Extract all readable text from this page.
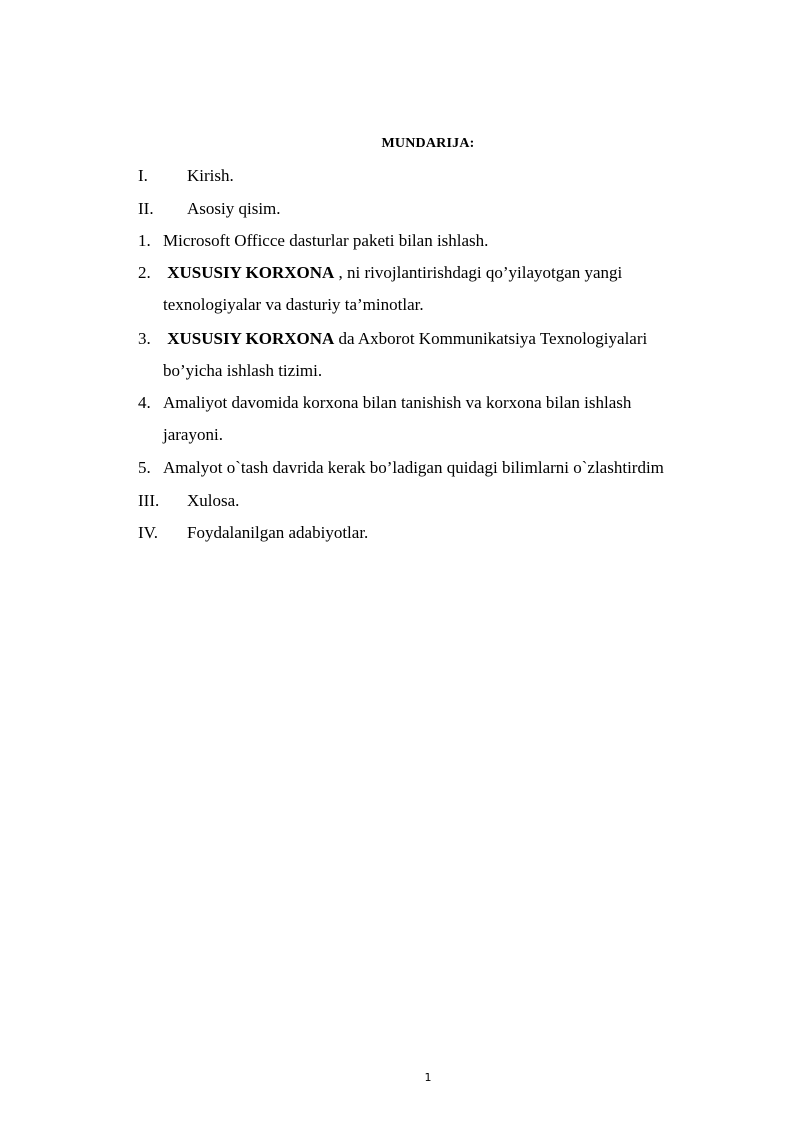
MUNDARIJA:
I. Kirish.
II. Asosiy qisim.
1. Microsoft Officce dasturlar paketi bilan ishlash.
2. XUSUSIY KORXONA , ni rivojlantirishdagi qo’yilayotgan yangi
texnologiyalar va dasturiy ta’minotlar.
3. XUSUSIY KORXONA da Axborot Kommunikatsiya Texnologiyalari
bo’yicha ishlash tizimi.
4. Amaliyot davomida korxona bilan tanishish va korxona bilan ishlash
jarayoni.
5. Amalyot o`tash davrida kerak bo’ladigan quidagi bilimlarni o`zlashtirdim
III. Xulosa.
IV. Foydalanilgan adabiyotlar.
1
